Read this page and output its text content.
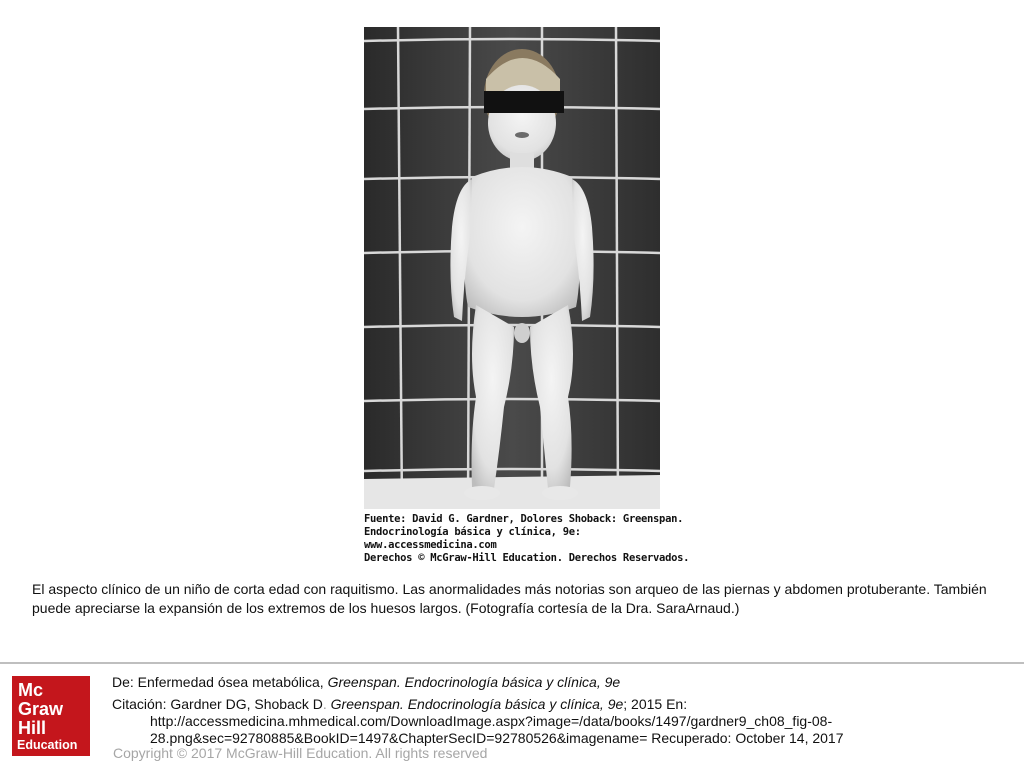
Fuente: David G. Gardner, Dolores Shoback: Greenspan.
Endocrinología básica y clínica, 9e:
www.accessmedicina.com
Derechos © McGraw-Hill Education. Derechos Reservados.
El aspecto clínico de un niño de corta edad con raquitismo. Las anormalidades más notorias son arqueo de las piernas y abdomen protuberante. También
puede apreciarse la expansión de los extremos de los huesos largos. (Fotografía cortesía de la Dra. SaraArnaud.)
Mc
Graw
Hill
Education
De: Enfermedad ósea metabólica, Greenspan. Endocrinología básica y clínica, 9e
Citación: Gardner DG, Shoback D. Greenspan. Endocrinología básica y clínica, 9e; 2015 En:
http://accessmedicina.mhmedical.com/DownloadImage.aspx?image=/data/books/1497/gardner9_ch08_fig-08-
28.png&sec=92780885&BookID=1497&ChapterSecID=92780526&imagename= Recuperado: October 14, 2017
Copyright © 2017 McGraw-Hill Education. All rights reserved
